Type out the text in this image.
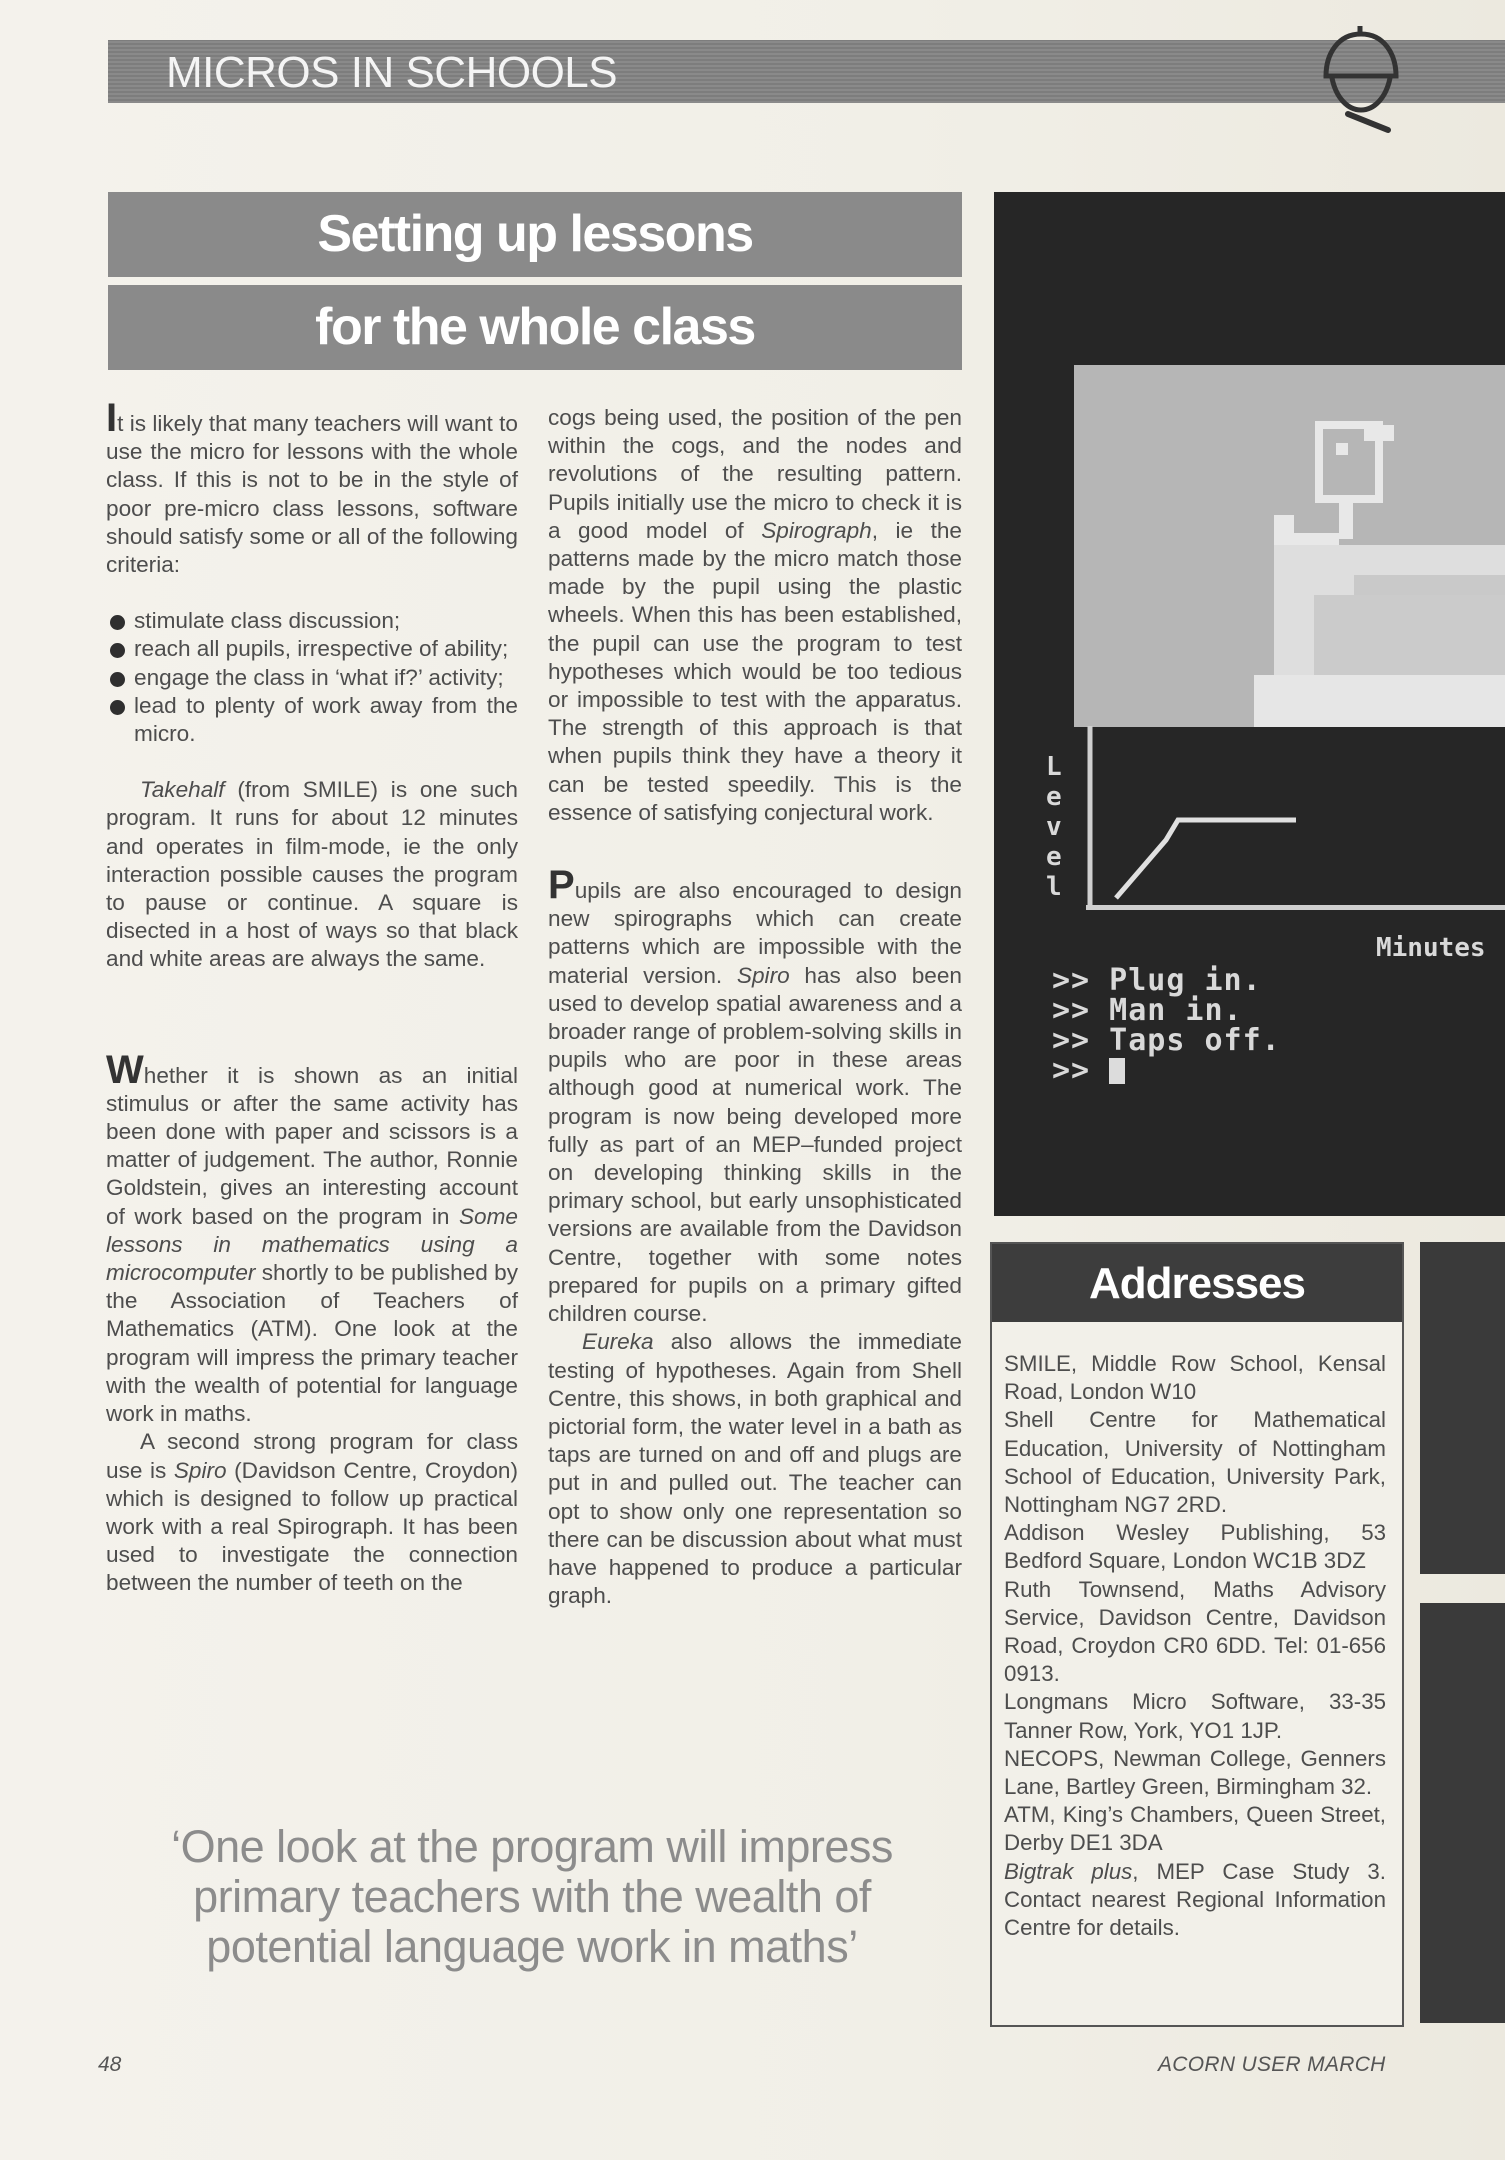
MICROS IN SCHOOLS
Setting up lessons
for the whole class

It is likely that many teachers will want to use the micro for lessons with the whole class. If this is not to be in the style of poor pre-micro class lessons, software should satisfy some or all of the following criteria:

stimulate class discussion;
reach all pupils, irrespective of ability;
engage the class in ‘what if?’ activity;
lead to plenty of work away from the micro.

Takehalf (from SMILE) is one such program. It runs for about 12 minutes and operates in film-mode, ie the only interaction possible causes the program to pause or continue. A square is disected in a host of ways so that black and white areas are always the same.

Whether it is shown as an initial stimulus or after the same activity has been done with paper and scissors is a matter of judgement. The author, Ronnie Goldstein, gives an interesting account of work based on the program in Some lessons in mathematics using a microcomputer shortly to be published by the Association of Teachers of Mathematics (ATM). One look at the program will impress the primary teacher with the wealth of potential for language work in maths.

A second strong program for class use is Spiro (Davidson Centre, Croydon) which is designed to follow up practical work with a real Spirograph. It has been used to investigate the connection between the number of teeth on the

cogs being used, the position of the pen within the cogs, and the nodes and revolutions of the resulting pattern. Pupils initially use the micro to check it is a good model of Spirograph, ie the patterns made by the micro match those made by the pupil using the plastic wheels. When this has been established, the pupil can use the program to test hypotheses which would be too tedious or impossible to test with the apparatus. The strength of this approach is that when pupils think they have a theory it can be tested speedily. This is the essence of satisfying conjectural work.

Pupils are also encouraged to design new spirographs which can create patterns which are impossible with the material version. Spiro has also been used to develop spatial awareness and a broader range of problem-solving skills in pupils who are poor in these areas although good at numerical work. The program is now being developed more fully as part of an MEP–funded project on developing thinking skills in the primary school, but early unsophisticated versions are available from the Davidson Centre, together with some notes prepared for pupils on a primary gifted children course.

Eureka also allows the immediate testing of hypotheses. Again from Shell Centre, this shows, in both graphical and pictorial form, the water level in a bath as taps are turned on and off and plugs are put in and pulled out. The teacher can opt to show only one representation so there can be discussion about what must have happened to produce a particular graph.

‘One look at the program will impress primary teachers with the wealth of potential language work in maths’
L
e
v
e
l
Minutes
>> Plug in.
>> Man in.
>> Taps off.
>>
Addresses

SMILE, Middle Row School, Kensal Road, London W10

Shell Centre for Mathematical Education, University of Nottingham School of Education, University Park, Nottingham NG7 2RD.

Addison Wesley Publishing, 53 Bedford Square, London WC1B 3DZ

Ruth Townsend, Maths Advisory Service, Davidson Centre, Davidson Road, Croydon CR0 6DD. Tel: 01-656 0913.

Longmans Micro Software, 33-35 Tanner Row, York, YO1 1JP.

NECOPS, Newman College, Genners Lane, Bartley Green, Birmingham 32.

ATM, King’s Chambers, Queen Street, Derby DE1 3DA

Bigtrak plus, MEP Case Study 3. Contact nearest Regional Information Centre for details.

48	ACORN USER MARCH
